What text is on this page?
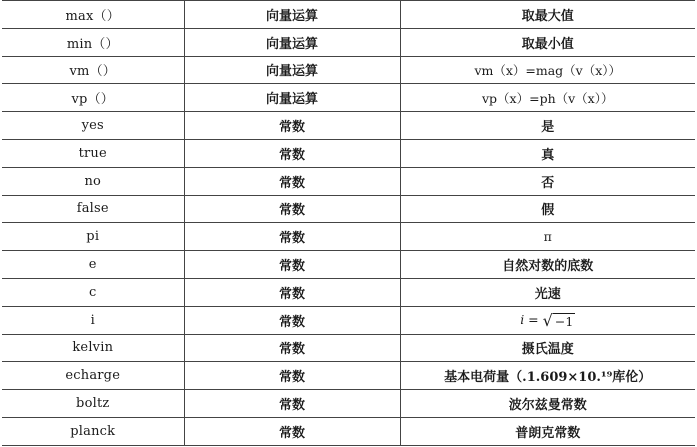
max（）	向量运算	取最大值
min（）	向量运算	取最小值
vm（）	向量运算	vm（x）=mag（v（x））
vp（）	向量运算	vp（x）=ph（v（x））
yes	常数	是
true	常数	真
no	常数	否
false	常数	假
pi	常数	π
e	常数	自然对数的底数
c	常数	光速
i	常数	i = √ −1
kelvin	常数	摄氏温度
echarge	常数	基本电荷量（.1.609×10.¹⁹库伦）
boltz	常数	波尔兹曼常数
planck	常数	普朗克常数
